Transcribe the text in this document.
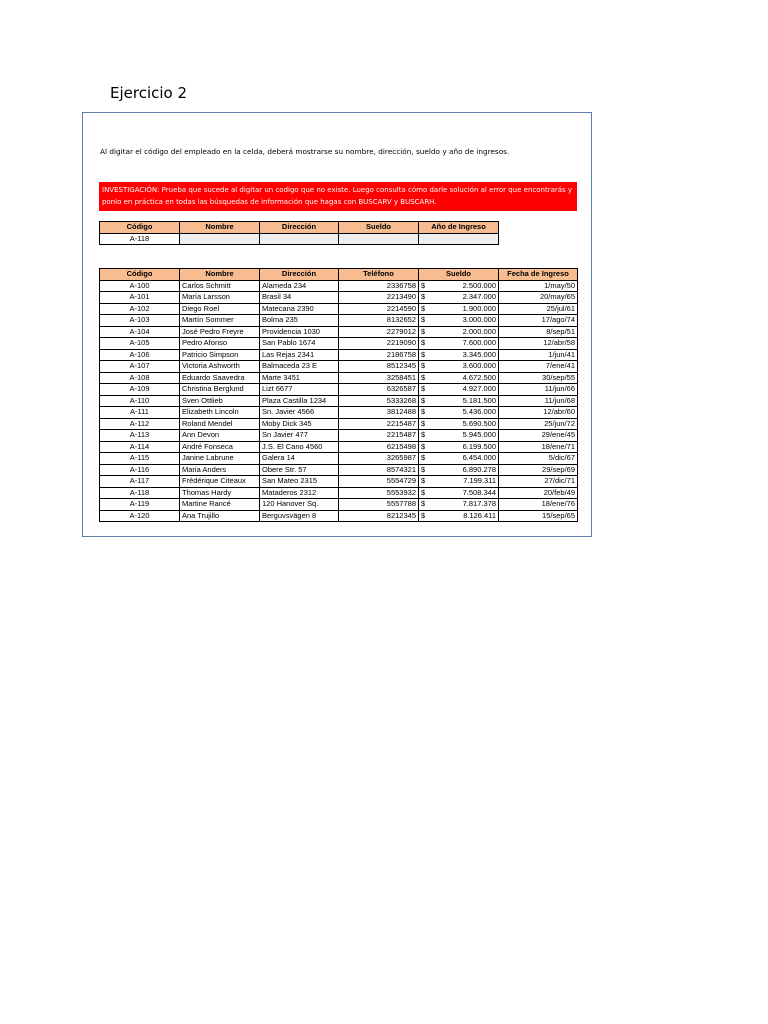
Ejercicio 2
Al digitar el código del empleado en la celda, deberá mostrarse su nombre, dirección, sueldo y año de ingresos.
INVESTIGACIÓN: Prueba que sucede al digitar un codigo que no existe. Luego consulta cómo darle solución al error que encontrarás y ponlo en práctica en todas las búsquedas de información que hagas con BUSCARV y BUSCARH.
Código	Nombre	Dirección	Sueldo	Año de Ingreso
A-118				
Código	Nombre	Dirección	Teléfono	Sueldo	Fecha de Ingreso
A-100	Carlos Schmitt	Alameda 234	2336758	$ 2.500.000	1/may/50
A-101	María Larsson	Brasil 34	2213490	$ 2.347.000	20/may/65
A-102	Diego Roel	Matecana 2390	2214590	$ 1.900.000	25/jul/61
A-103	Martín Sommer	Bolma 235	8132652	$ 3.000.000	17/ago/74
A-104	José Pedro Freyre	Providencia 1030	2279012	$ 2.000.000	8/sep/51
A-105	Pedro Afonso	San Pablo 1674	2219090	$ 7.600.000	12/abr/58
A-106	Patricio Simpson	Las Rejas 2341	2186758	$ 3.345.000	1/jun/41
A-107	Victoria Ashworth	Balmaceda 23 E	8512345	$ 3.600.000	7/ene/41
A-108	Eduardo Saavedra	Marte 3451	3258451	$ 4.672.500	30/sep/55
A-109	Christina Berglund	Lizt 6677	6326587	$ 4.927.000	11/jun/66
A-110	Sven Ottlieb	Plaza Castilla 1234	5333268	$ 5.181.500	11/jun/68
A-111	Elizabeth Lincoln	Sn. Javier 4566	3812488	$ 5.436.000	12/abr/60
A-112	Roland Mendel	Moby Dick 345	2215487	$ 5.690.500	25/jun/72
A-113	Ann Devon	Sn Javier 477	2215487	$ 5.945.000	29/ene/45
A-114	André Fonseca	J.S. El Cano 4560	6215498	$ 6.199.500	18/ene/71
A-115	Janine Labrune	Galera 14	3265987	$ 6.454.000	5/dic/67
A-116	Maria Anders	Obere Str. 57	8574321	$ 6.890.278	29/sep/69
A-117	Frédérique Citeaux	San Mateo 2315	5554729	$ 7.199.311	27/dic/71
A-118	Thomas Hardy	Mataderos 2312	5553932	$ 7.508.344	20/feb/49
A-119	Martine Rancé	120 Hanover Sq.	5557788	$ 7.817.378	18/ene/76
A-120	Ana Trujillo	Berguvsvägen 8	8212345	$ 8.126.411	15/sep/65
